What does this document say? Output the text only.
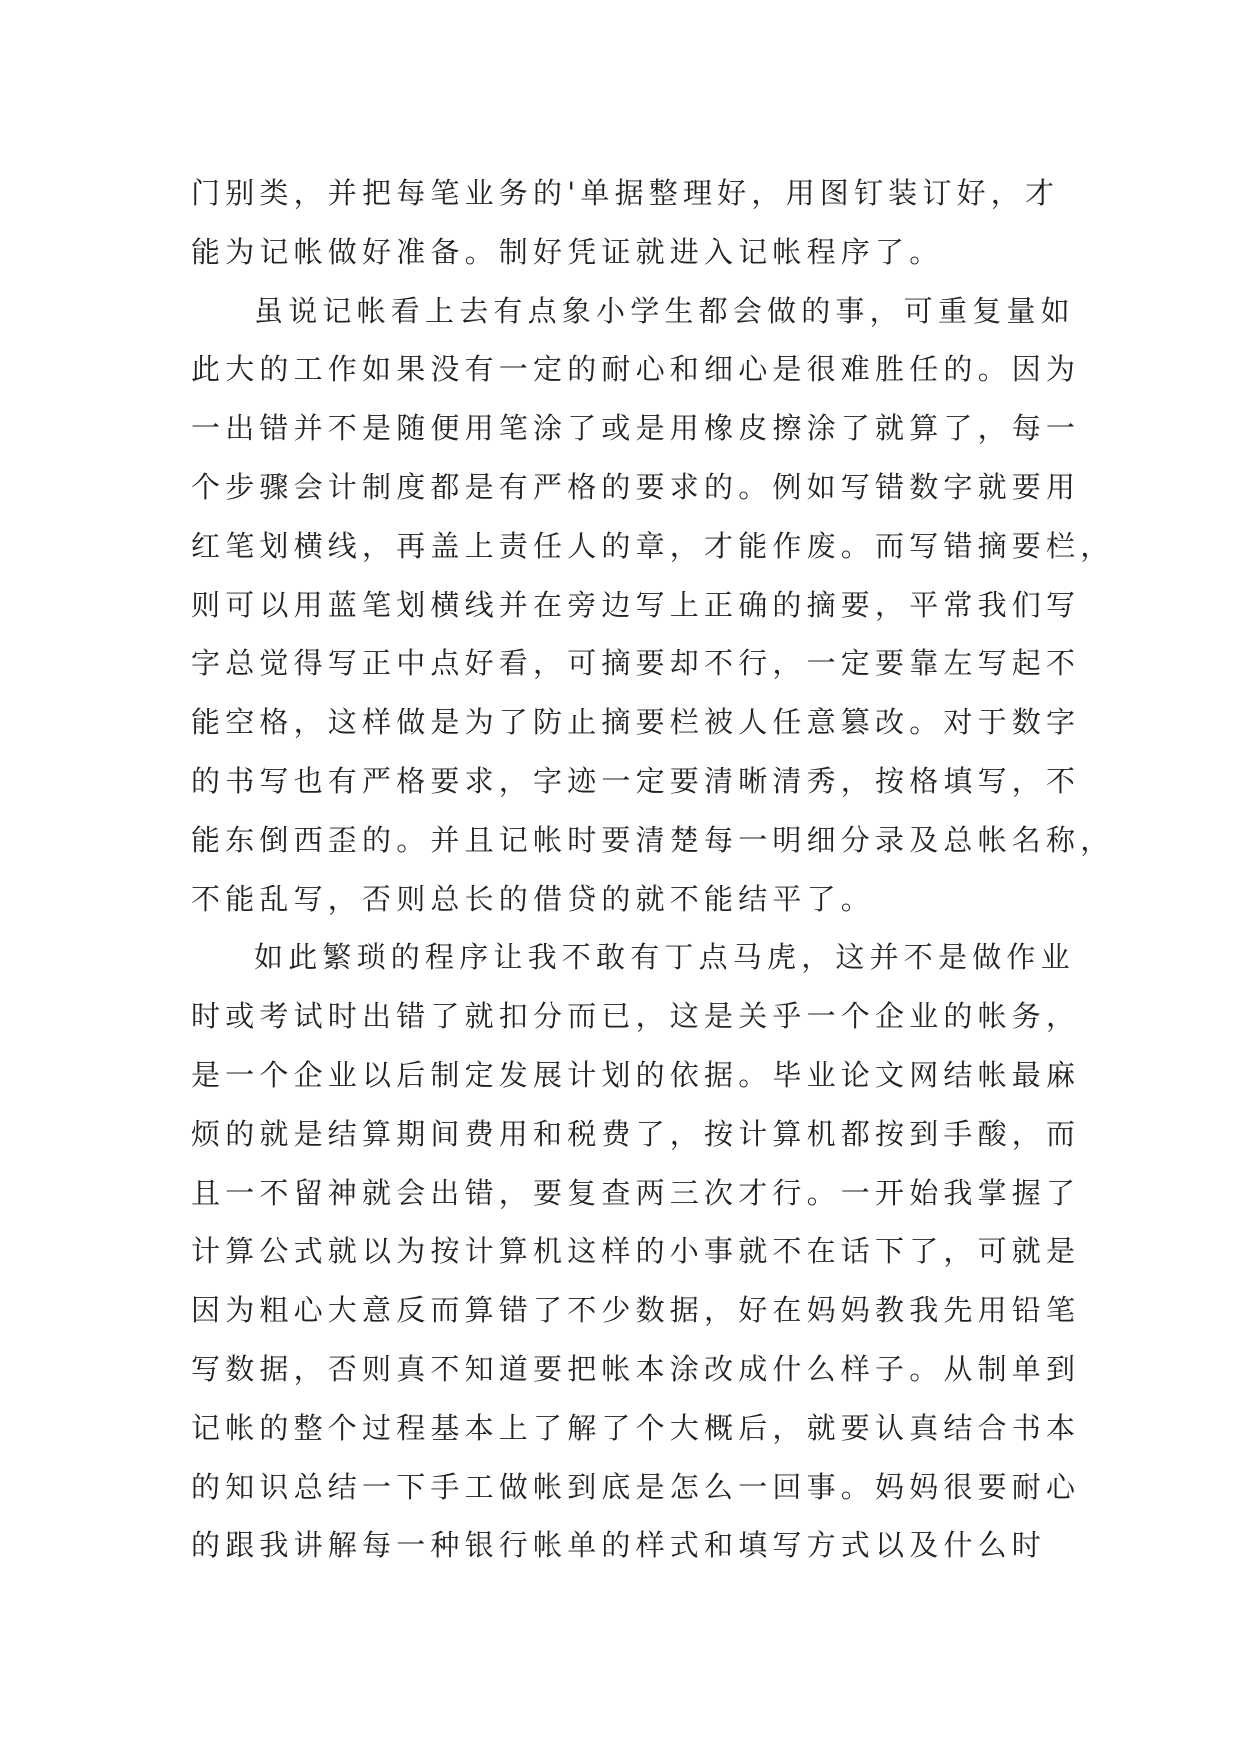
门别类，并把每笔业务的'单据整理好，用图钉装订好，才
能为记帐做好准备。制好凭证就进入记帐程序了。
虽说记帐看上去有点象小学生都会做的事，可重复量如
此大的工作如果没有一定的耐心和细心是很难胜任的。因为
一出错并不是随便用笔涂了或是用橡皮擦涂了就算了，每一
个步骤会计制度都是有严格的要求的。例如写错数字就要用
红笔划横线，再盖上责任人的章，才能作废。而写错摘要栏，
则可以用蓝笔划横线并在旁边写上正确的摘要，平常我们写
字总觉得写正中点好看，可摘要却不行，一定要靠左写起不
能空格，这样做是为了防止摘要栏被人任意篡改。对于数字
的书写也有严格要求，字迹一定要清晰清秀，按格填写，不
能东倒西歪的。并且记帐时要清楚每一明细分录及总帐名称，
不能乱写，否则总长的借贷的就不能结平了。
如此繁琐的程序让我不敢有丁点马虎，这并不是做作业
时或考试时出错了就扣分而已，这是关乎一个企业的帐务，
是一个企业以后制定发展计划的依据。毕业论文网结帐最麻
烦的就是结算期间费用和税费了，按计算机都按到手酸，而
且一不留神就会出错，要复查两三次才行。一开始我掌握了
计算公式就以为按计算机这样的小事就不在话下了，可就是
因为粗心大意反而算错了不少数据，好在妈妈教我先用铅笔
写数据，否则真不知道要把帐本涂改成什么样子。从制单到
记帐的整个过程基本上了解了个大概后，就要认真结合书本
的知识总结一下手工做帐到底是怎么一回事。妈妈很要耐心
的跟我讲解每一种银行帐单的样式和填写方式以及什么时
